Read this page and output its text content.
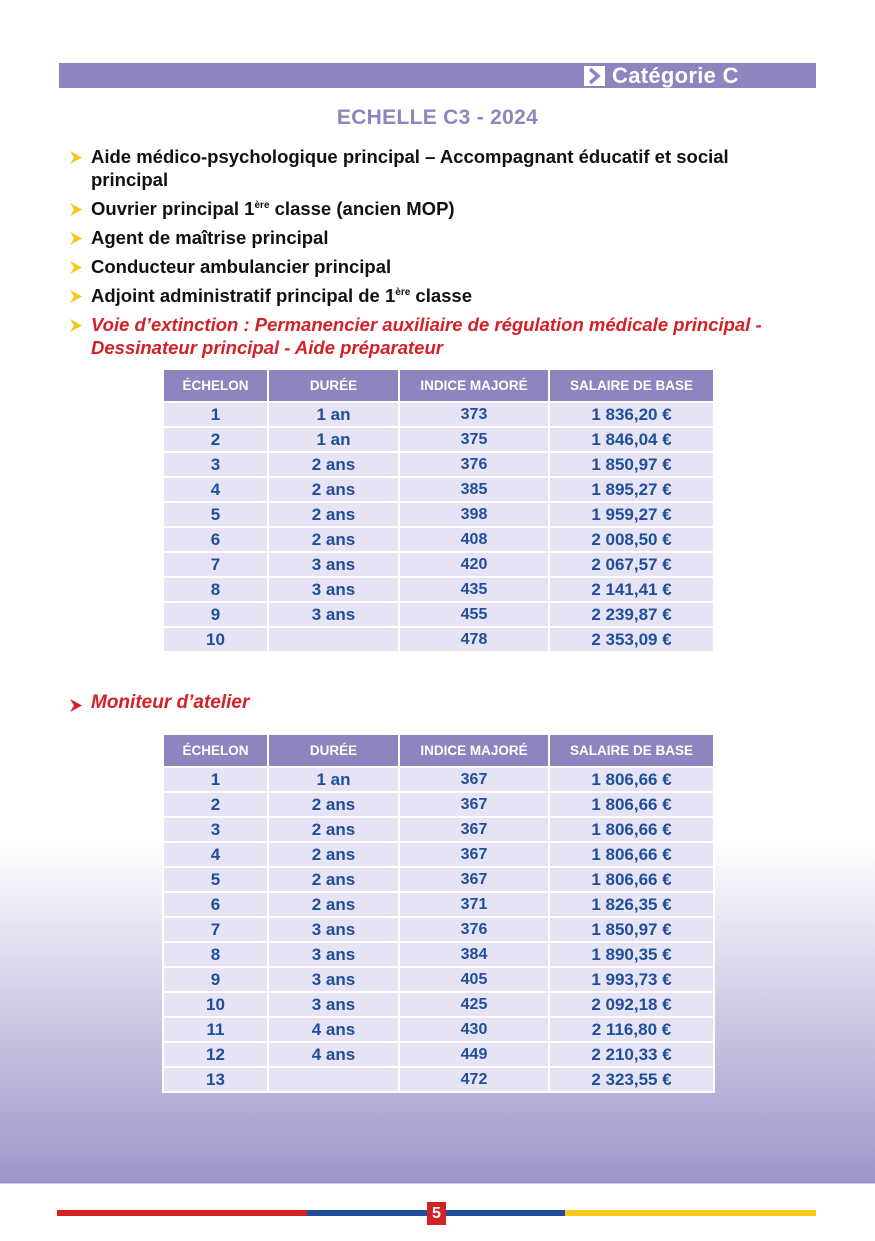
Catégorie C
ECHELLE C3 - 2024
Aide médico-psychologique principal – Accompagnant éducatif et social principal
Ouvrier principal 1ère classe (ancien MOP)
Agent de maîtrise principal
Conducteur ambulancier principal
Adjoint administratif principal de 1ère classe
Voie d’extinction : Permanencier auxiliaire de régulation médicale principal - Dessinateur principal - Aide préparateur
ÉCHELON	DURÉE	INDICE MAJORÉ	SALAIRE DE BASE
1	1 an	373	1 836,20 €
2	1 an	375	1 846,04 €
3	2 ans	376	1 850,97 €
4	2 ans	385	1 895,27 €
5	2 ans	398	1 959,27 €
6	2 ans	408	2 008,50 €
7	3 ans	420	2 067,57 €
8	3 ans	435	2 141,41 €
9	3 ans	455	2 239,87 €
10		478	2 353,09 €
Moniteur d’atelier
ÉCHELON	DURÉE	INDICE MAJORÉ	SALAIRE DE BASE
1	1 an	367	1 806,66 €
2	2 ans	367	1 806,66 €
3	2 ans	367	1 806,66 €
4	2 ans	367	1 806,66 €
5	2 ans	367	1 806,66 €
6	2 ans	371	1 826,35 €
7	3 ans	376	1 850,97 €
8	3 ans	384	1 890,35 €
9	3 ans	405	1 993,73 €
10	3 ans	425	2 092,18 €
11	4 ans	430	2 116,80 €
12	4 ans	449	2 210,33 €
13		472	2 323,55 €
5
